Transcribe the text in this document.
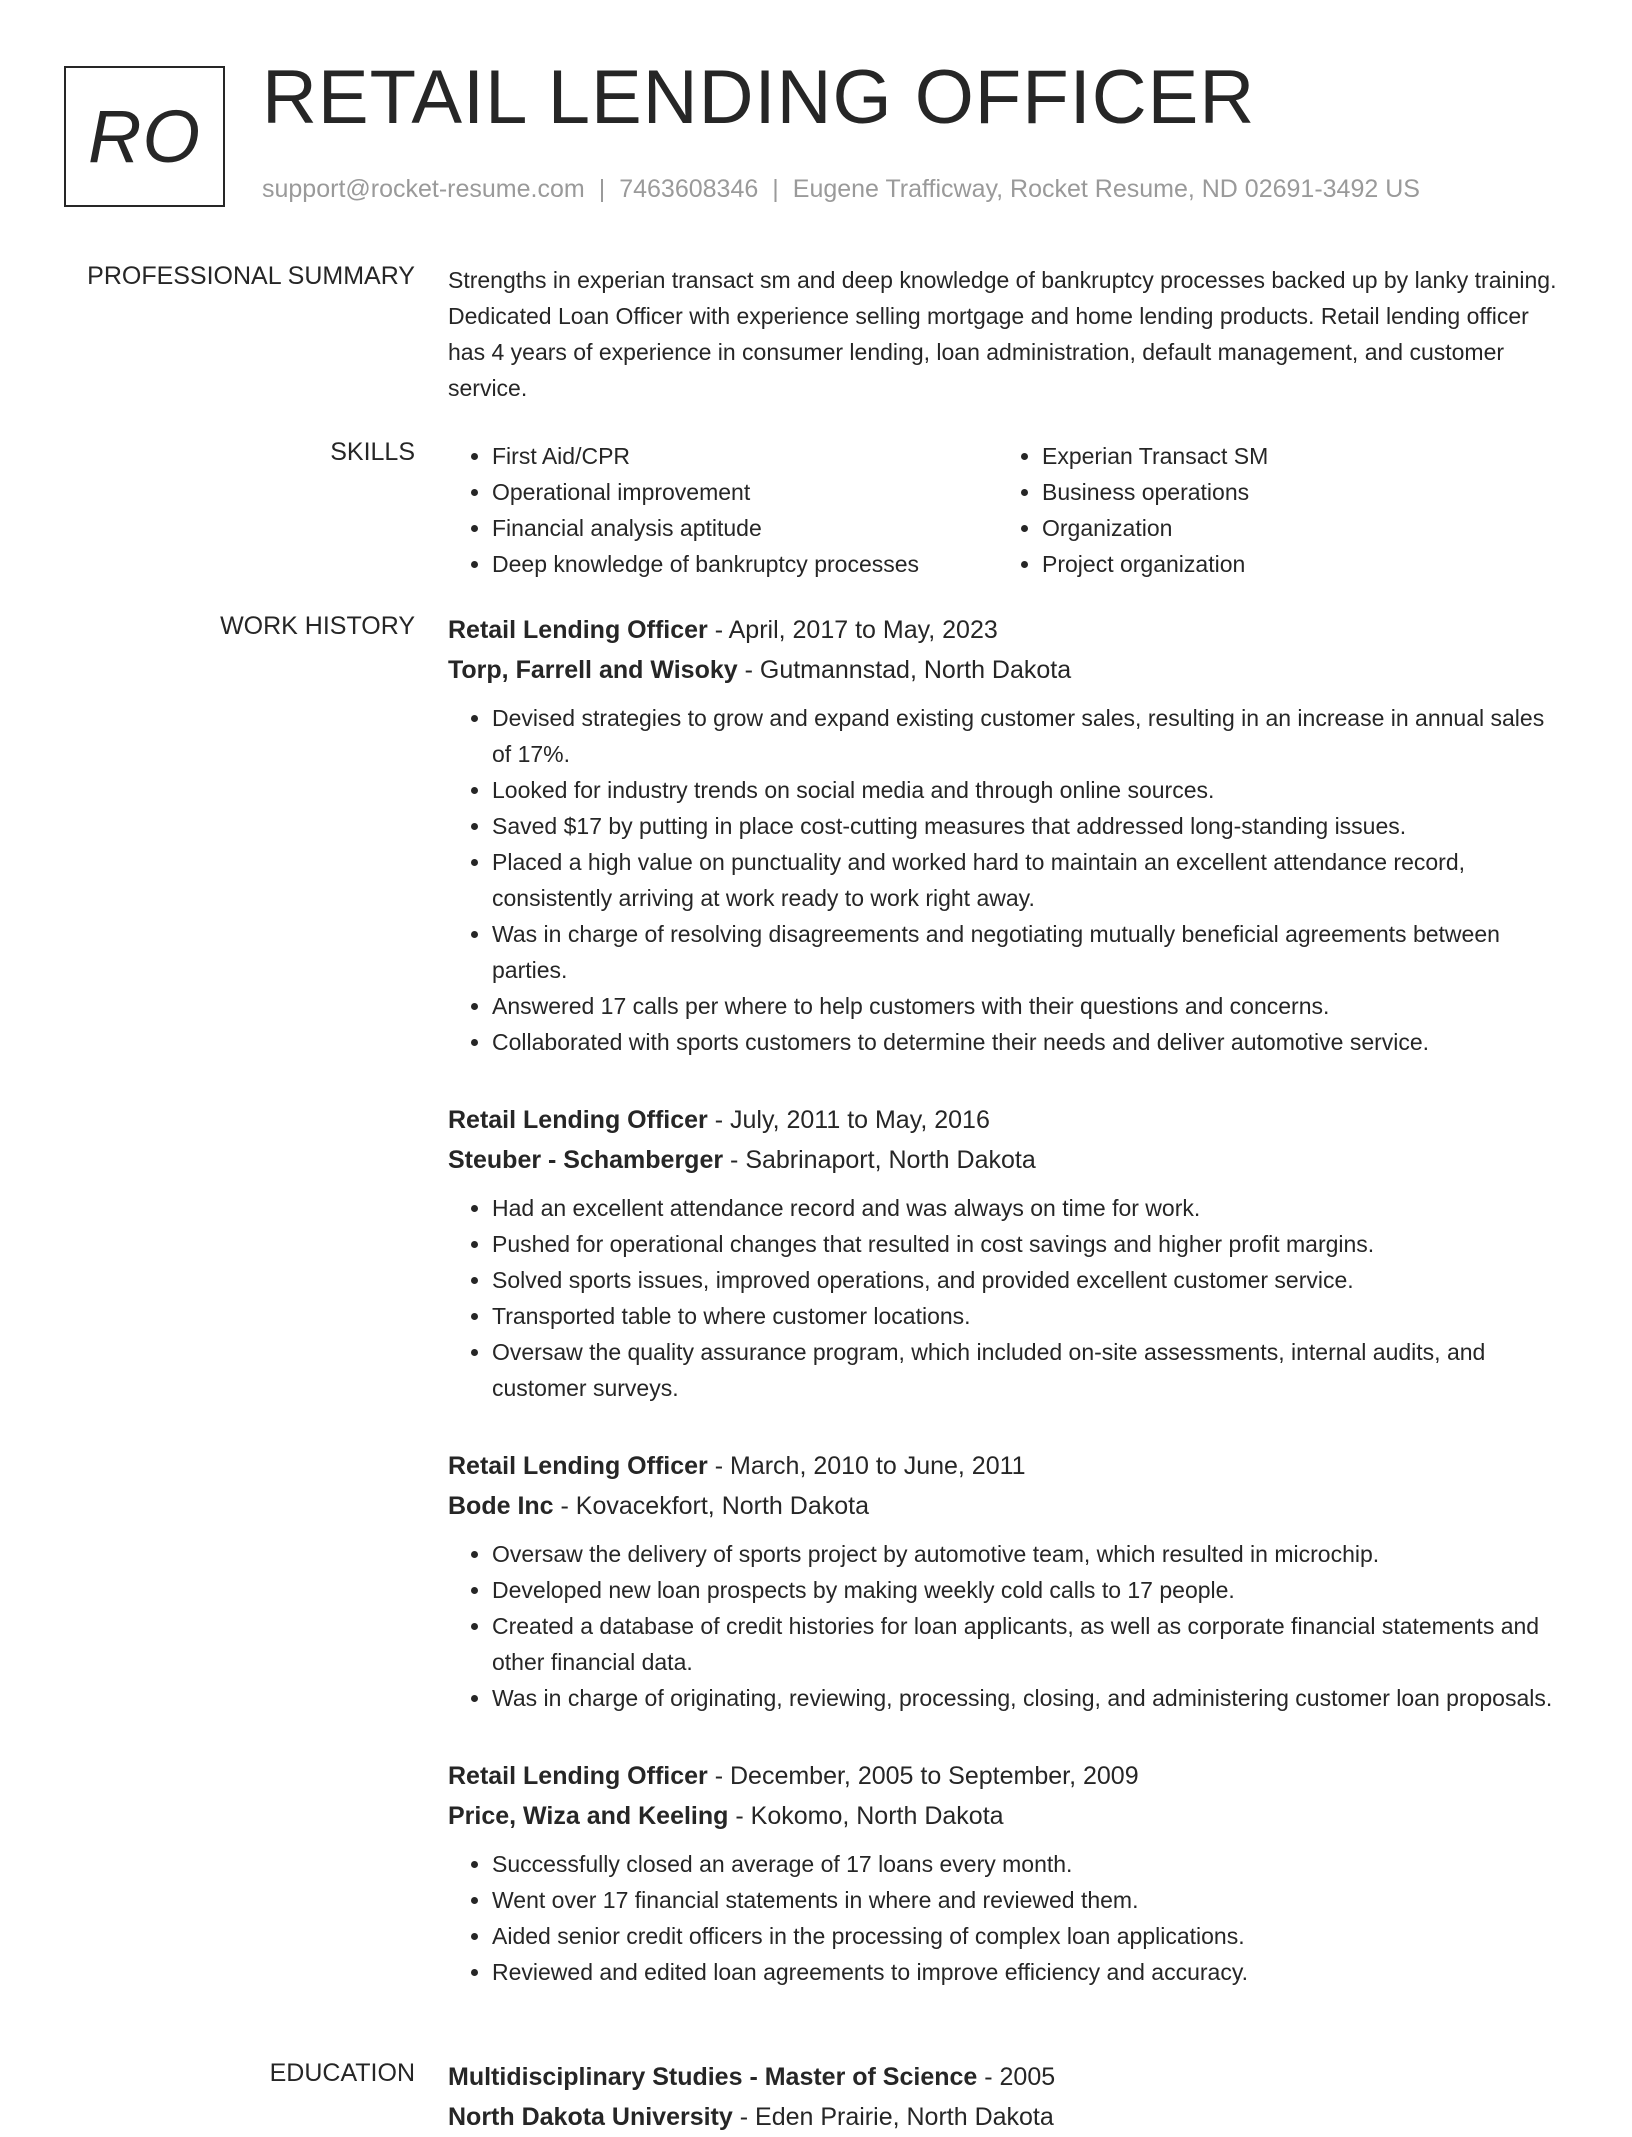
RO RETAIL LENDING OFFICER
support@rocket-resume.com | 7463608346 | Eugene Trafficway, Rocket Resume, ND 02691-3492 US
PROFESSIONAL SUMMARY Strengths in experian transact sm and deep knowledge of bankruptcy processes backed up by lanky training. Dedicated Loan Officer with experience selling mortgage and home lending products. Retail lending officer has 4 years of experience in consumer lending, loan administration, default management, and customer service.

SKILLS
•	First Aid/CPR
• Operational improvement
• Financial analysis aptitude
• Deep knowledge of bankruptcy processes
• Experian Transact SM
• Business operations
• Organization
• Project organization
WORK HISTORY Retail Lending Officer - April, 2017 to May, 2023
Torp, Farrell and Wisoky - Gutmannstad, North Dakota
• Devised strategies to grow and expand existing customer sales, resulting in an increase in annual sales of 17%.
• Looked for industry trends on social media and through online sources.
• Saved $17 by putting in place cost-cutting measures that addressed long-standing issues.
• Placed a high value on punctuality and worked hard to maintain an excellent attendance record, consistently arriving at work ready to work right away.
• Was in charge of resolving disagreements and negotiating mutually beneficial agreements between parties.
• Answered 17 calls per where to help customers with their questions and concerns.
• Collaborated with sports customers to determine their needs and deliver automotive service.
Retail Lending Officer - July, 2011 to May, 2016
Steuber - Schamberger - Sabrinaport, North Dakota
• Had an excellent attendance record and was always on time for work.
• Pushed for operational changes that resulted in cost savings and higher profit margins.
• Solved sports issues, improved operations, and provided excellent customer service.
• Transported table to where customer locations.
• Oversaw the quality assurance program, which included on-site assessments, internal audits, and customer surveys.
Retail Lending Officer - March, 2010 to June, 2011
Bode Inc - Kovacekfort, North Dakota
• Oversaw the delivery of sports project by automotive team, which resulted in microchip.
• Developed new loan prospects by making weekly cold calls to 17 people.
• Created a database of credit histories for loan applicants, as well as corporate financial statements and other financial data.
• Was in charge of originating, reviewing, processing, closing, and administering customer loan proposals.
Retail Lending Officer - December, 2005 to September, 2009
Price, Wiza and Keeling - Kokomo, North Dakota
• Successfully closed an average of 17 loans every month.
• Went over 17 financial statements in where and reviewed them.
• Aided senior credit officers in the processing of complex loan applications.
• Reviewed and edited loan agreements to improve efficiency and accuracy.
EDUCATION Multidisciplinary Studies - Master of Science - 2005
North Dakota University - Eden Prairie, North Dakota
